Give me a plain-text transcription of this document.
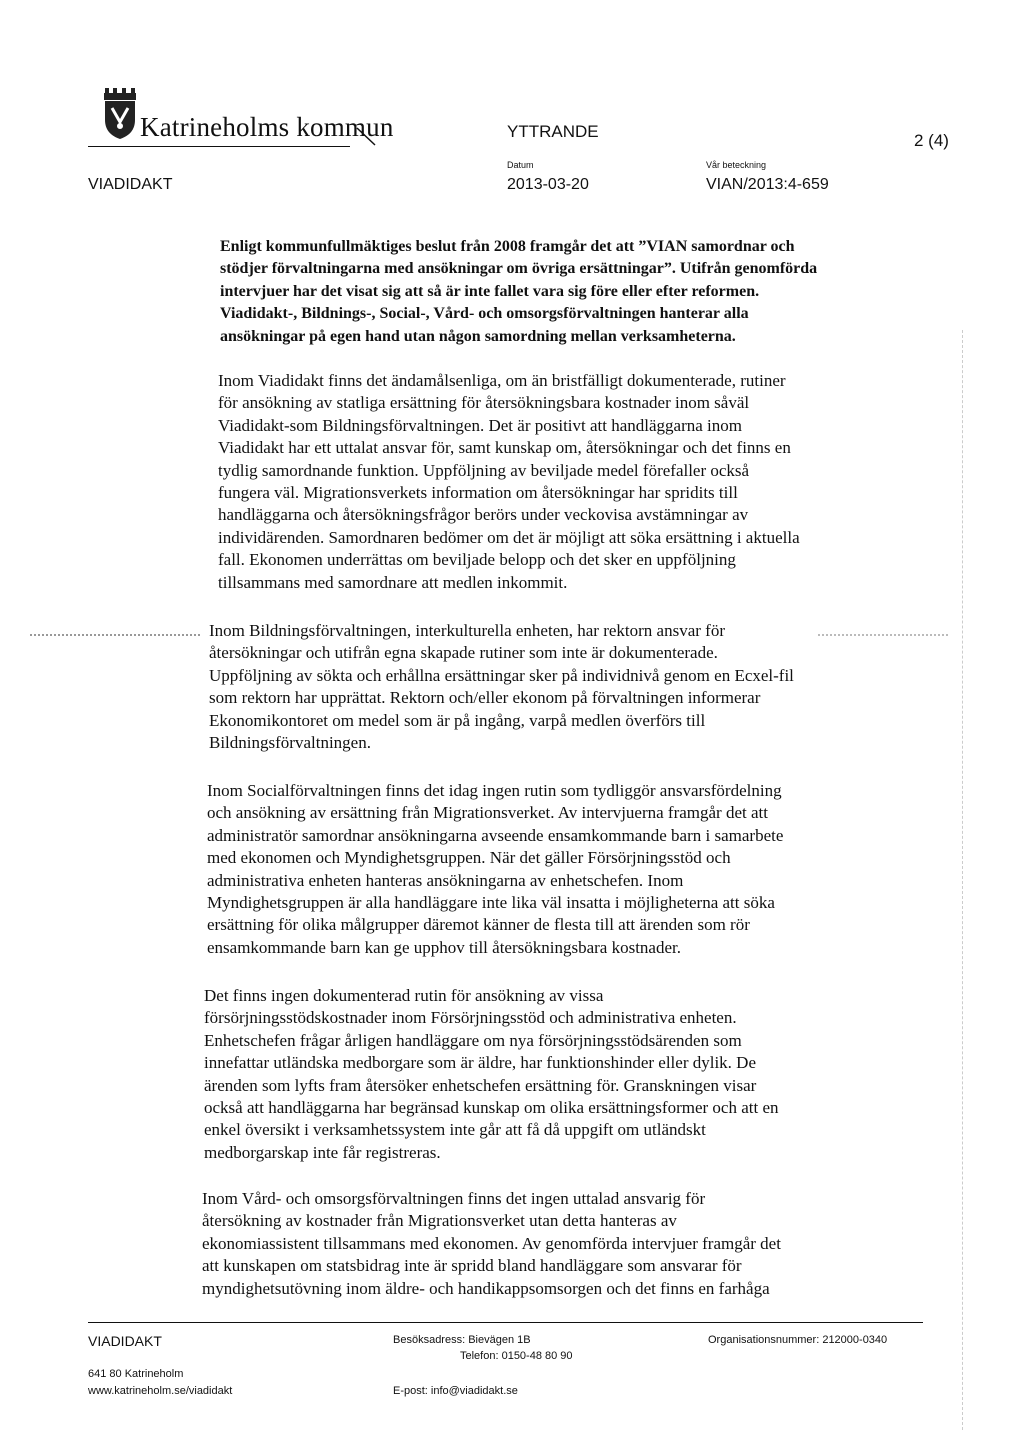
Katrineholms kommun	YTTRANDE	2 (4)
VIADIDAKT
Datum
2013-03-20
Vår beteckning
VIAN/2013:4-659
Enligt kommunfullmäktiges beslut från 2008 framgår det att ”VIAN samordnar och
stödjer förvaltningarna med ansökningar om övriga ersättningar”. Utifrån genomförda
intervjuer har det visat sig att så är inte fallet vara sig före eller efter reformen.
Viadidakt-, Bildnings-, Social-, Vård- och omsorgsförvaltningen hanterar alla
ansökningar på egen hand utan någon samordning mellan verksamheterna.
Inom Viadidakt finns det ändamålsenliga, om än bristfälligt dokumenterade, rutiner
för ansökning av statliga ersättning för återsökningsbara kostnader inom såväl
Viadidakt-som Bildningsförvaltningen. Det är positivt att handläggarna inom
Viadidakt har ett uttalat ansvar för, samt kunskap om, återsökningar och det finns en
tydlig samordnande funktion. Uppföljning av beviljade medel förefaller också
fungera väl. Migrationsverkets information om återsökningar har spridits till
handläggarna och återsökningsfrågor berörs under veckovisa avstämningar av
individärenden. Samordnaren bedömer om det är möjligt att söka ersättning i aktuella
fall. Ekonomen underrättas om beviljade belopp och det sker en uppföljning
tillsammans med samordnare att medlen inkommit.
Inom Bildningsförvaltningen, interkulturella enheten, har rektorn ansvar för
återsökningar och utifrån egna skapade rutiner som inte är dokumenterade.
Uppföljning av sökta och erhållna ersättningar sker på individnivå genom en Ecxel-fil
som rektorn har upprättat. Rektorn och/eller ekonom på förvaltningen informerar
Ekonomikontoret om medel som är på ingång, varpå medlen överförs till
Bildningsförvaltningen.
Inom Socialförvaltningen finns det idag ingen rutin som tydliggör ansvarsfördelning
och ansökning av ersättning från Migrationsverket. Av intervjuerna framgår det att
administratör samordnar ansökningarna avseende ensamkommande barn i samarbete
med ekonomen och Myndighetsgruppen. När det gäller Försörjningsstöd och
administrativa enheten hanteras ansökningarna av enhetschefen. Inom
Myndighetsgruppen är alla handläggare inte lika väl insatta i möjligheterna att söka
ersättning för olika målgrupper däremot känner de flesta till att ärenden som rör
ensamkommande barn kan ge upphov till återsökningsbara kostnader.
Det finns ingen dokumenterad rutin för ansökning av vissa
försörjningsstödskostnader inom Försörjningsstöd och administrativa enheten.
Enhetschefen frågar årligen handläggare om nya försörjningsstödsärenden som
innefattar utländska medborgare som är äldre, har funktionshinder eller dylik. De
ärenden som lyfts fram återsöker enhetschefen ersättning för. Granskningen visar
också att handläggarna har begränsad kunskap om olika ersättningsformer och att en
enkel översikt i verksamhetssystem inte går att få då uppgift om utländskt
medborgarskap inte får registreras.
Inom Vård- och omsorgsförvaltningen finns det ingen uttalad ansvarig för
återsökning av kostnader från Migrationsverket utan detta hanteras av
ekonomiassistent tillsammans med ekonomen. Av genomförda intervjuer framgår det
att kunskapen om statsbidrag inte är spridd bland handläggare som ansvarar för
myndighetsutövning inom äldre- och handikappsomsorgen och det finns en farhåga
VIADIDAKT
641 80 Katrineholm
www.katrineholm.se/viadidakt
Besöksadress: Bievägen 1B
Telefon: 0150-48 80 90
E-post: info@viadidakt.se
Organisationsnummer: 212000-0340
